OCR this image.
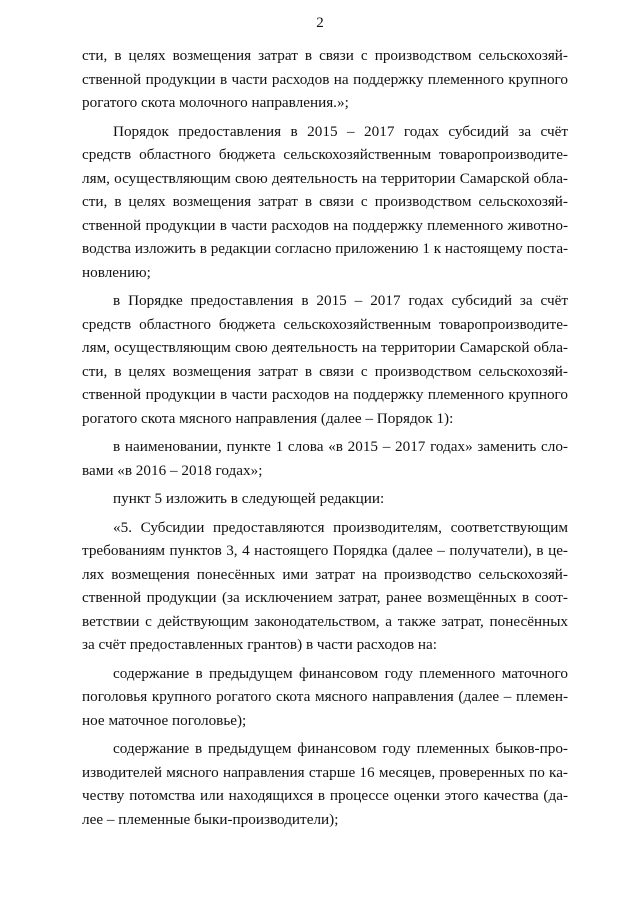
2

сти, в целях возмещения затрат в связи с производством сельскохозяй-
ственной продукции в части расходов на поддержку племенного крупного
рогатого скота молочного направления.»;

Порядок предоставления в 2015 – 2017 годах субсидий за счёт
средств областного бюджета сельскохозяйственным товаропроизводите-
лям, осуществляющим свою деятельность на территории Самарской обла-
сти, в целях возмещения затрат в связи с производством сельскохозяй-
ственной продукции в части расходов на поддержку племенного животно-
водства изложить в редакции согласно приложению 1 к настоящему поста-
новлению;

в Порядке предоставления в 2015 – 2017 годах субсидий за счёт
средств областного бюджета сельскохозяйственным товаропроизводите-
лям, осуществляющим свою деятельность на территории Самарской обла-
сти, в целях возмещения затрат в связи с производством сельскохозяй-
ственной продукции в части расходов на поддержку племенного крупного
рогатого скота мясного направления (далее – Порядок 1):

в наименовании, пункте 1 слова «в 2015 – 2017 годах» заменить сло-
вами «в 2016 – 2018 годах»;

пункт 5 изложить в следующей редакции:

«5. Субсидии предоставляются производителям, соответствующим
требованиям пунктов 3, 4 настоящего Порядка (далее – получатели), в це-
лях возмещения понесённых ими затрат на производство сельскохозяй-
ственной продукции (за исключением затрат, ранее возмещённых в соот-
ветствии с действующим законодательством, а также затрат, понесённых
за счёт предоставленных грантов) в части расходов на:

содержание в предыдущем финансовом году племенного маточного
поголовья крупного рогатого скота мясного направления (далее – племен-
ное маточное поголовье);

содержание в предыдущем финансовом году племенных быков-про-
изводителей мясного направления старше 16 месяцев, проверенных по ка-
честву потомства или находящихся в процессе оценки этого качества (да-
лее – племенные быки-производители);
